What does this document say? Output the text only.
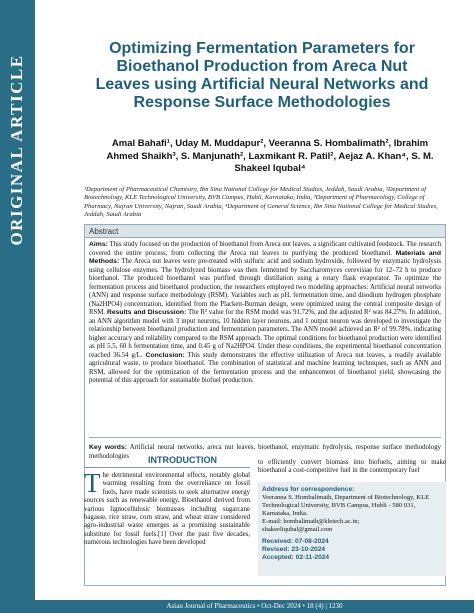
ORIGINAL ARTICLE
Optimizing Fermentation Parameters for Bioethanol Production from Areca Nut Leaves using Artificial Neural Networks and Response Surface Methodologies
Amal Bahafi¹, Uday M. Muddapur², Veeranna S. Hombalimath², Ibrahim Ahmed Shaikh³, S. Manjunath², Laxmikant R. Patil², Aejaz A. Khan⁴, S. M. Shakeel Iqubal⁴
¹Department of Pharmaceutical Chemistry, Ibn Sina National College for Medical Studies, Jeddah, Saudi Arabia, ²Department of Biotechnology, KLE Technological University, BVB Campus, Hubli, Karnataka, India, ³Department of Pharmacology, College of Pharmacy, Najran University, Najran, Saudi Arabia, ⁴Department of General Science, Ibn Sina National College for Medical Studies, Jeddah, Saudi Arabia
Abstract
Aims: This study focused on the production of bioethanol from Areca nut leaves, a significant cultivated feedstock. The research covered the entire process, from collecting the Areca nut leaves to purifying the produced bioethanol. Materials and Methods: The Areca nut leaves were pre-treated with sulfuric acid and sodium hydroxide, followed by enzymatic hydrolysis using cellulose enzymes. The hydrolyzed biomass was then fermented by Saccharomyces cerevisiae for 12–72 h to produce bioethanol. The produced bioethanol was purified through distillation using a rotary flask evaporator. To optimize the fermentation process and bioethanol production, the researchers employed two modeling approaches: Artificial neural networks (ANN) and response surface methodology (RSM). Variables such as pH, fermentation time, and disodium hydrogen phosphate (Na2HPO4) concentration, identified from the Plackett-Burman design, were optimized using the central composite design of RSM. Results and Discussion: The R² value for the RSM model was 91.72%, and the adjusted R² was 84.27%. In addition, an ANN algorithm model with 3 input neurons, 10 hidden layer neurons, and 1 output neuron was developed to investigate the relationship between bioethanol production and fermentation parameters. The ANN model achieved an R² of 99.78%, indicating higher accuracy and reliability compared to the RSM approach. The optimal conditions for bioethanol production were identified as pH 5.5, 60 h fermentation time, and 0.45 g of Na2HPO4. Under these conditions, the experimental bioethanol concentration reached 36.54 g/L. Conclusion: This study demonstrates the effective utilization of Areca nut leaves, a readily available agricultural waste, to produce bioethanol. The combination of statistical and machine learning techniques, such as ANN and RSM, allowed for the optimization of the fermentation process and the enhancement of bioethanol yield, showcasing the potential of this approach for sustainable biofuel production.
Key words: Artificial neural networks, areca nut leaves, bioethanol, enzymatic hydrolysis, response surface methodology methodologies	INTRODUCTION
The detrimental environmental effects, notably global warming resulting from the overreliance on fossil fuels, have made scientists to seek alternative energy sources such as renewable energy. Bioethanol derived from various lignocellulosic biomasses including sugarcane bagasse, rice straw, corn straw, and wheat straw considered agro-industrial waste emerges as a promising sustainable substitute for fossil fuels.[1] Over the past five decades, numerous technologies have been developed
to efficiently convert biomass into biofuels, aiming to make bioethanol a cost-competitive fuel in the contemporary fuel
Address for correspondence:
Veeranna S. Hombalimath, Department of Biotechnology, KLE Technological University, BVB Campus, Hubli - 580 031, Karnataka, India.
E-mail: hombalimath@kletech.ac.in;
shakeeliqubal@gmail.com
Received: 07-08-2024
Revised: 23-10-2024
Accepted: 02-11-2024
Asian Journal of Pharmaceutics • Oct-Dec 2024 • 18 (4) | 1230
